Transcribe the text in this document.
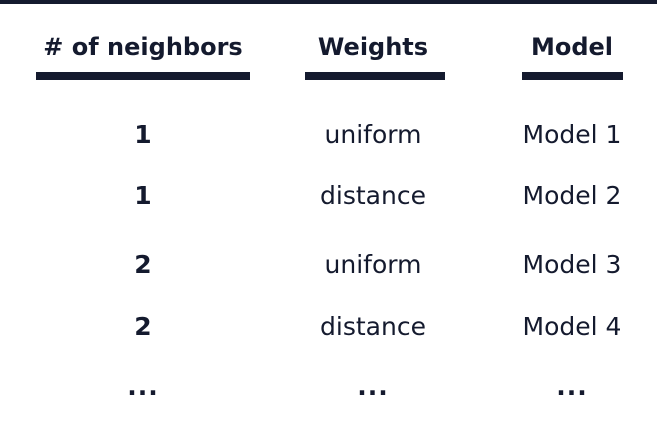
# of neighbors
1
1
2
2
...
Weights
uniform
distance
uniform
distance
...
Model
Model 1
Model 2
Model 3
Model 4
...
